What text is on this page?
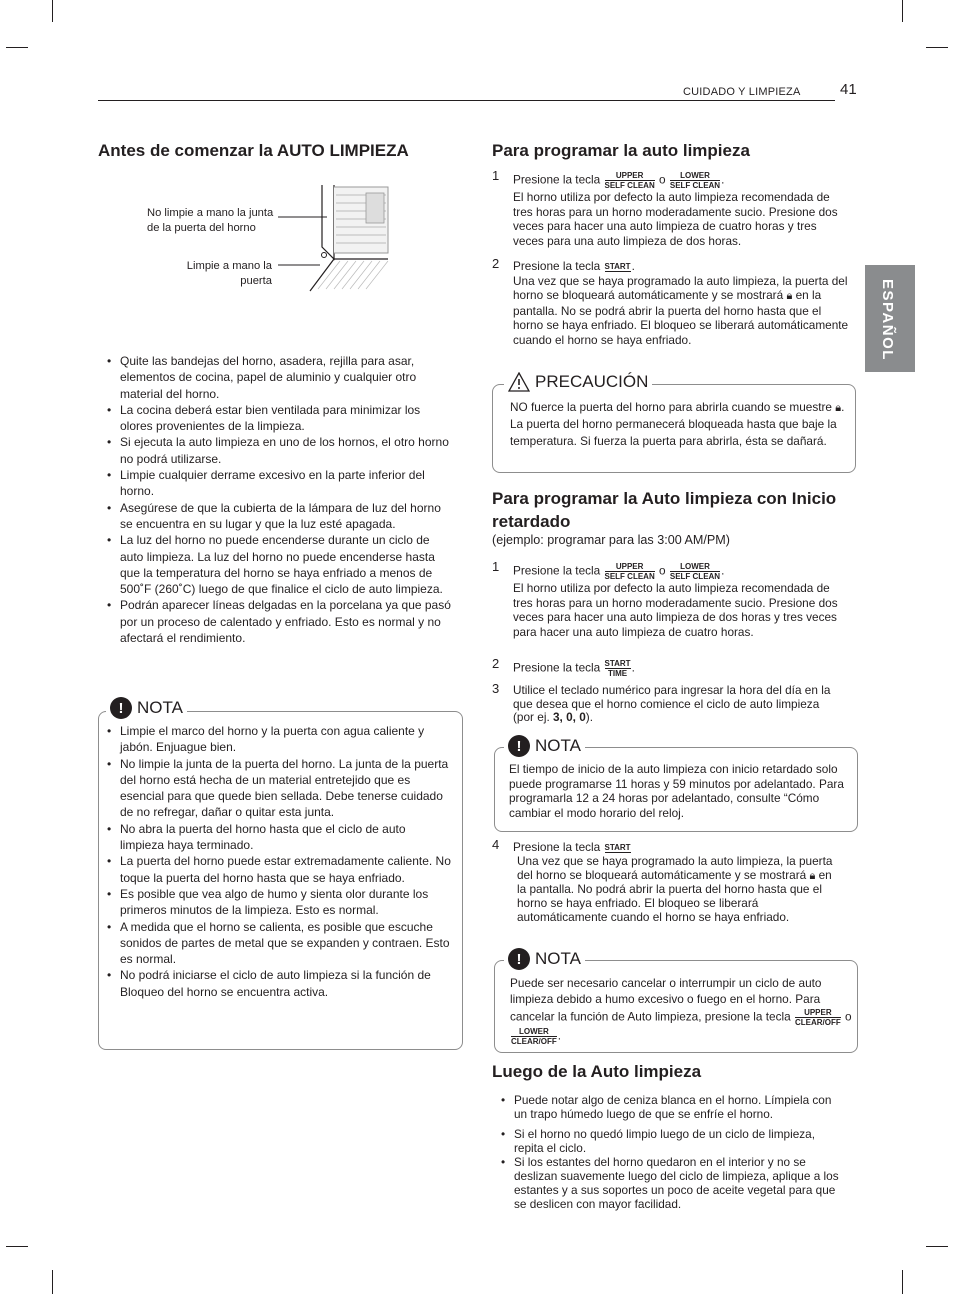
CUIDADO Y LIMPIEZA	41
ESPAÑOL
Antes de comenzar la AUTO LIMPIEZA
No limpie a mano la junta de la puerta del horno
Limpie a mano la puerta
• Quite las bandejas del horno, asadera, rejilla para asar, elementos de cocina, papel de aluminio y cualquier otro material del horno.
• La cocina deberá estar bien ventilada para minimizar los olores provenientes de la limpieza.
• Si ejecuta la auto limpieza en uno de los hornos, el otro horno no podrá utilizarse.
• Limpie cualquier derrame excesivo en la parte inferior del horno.
• Asegúrese de que la cubierta de la lámpara de luz del horno se encuentra en su lugar y que la luz esté apagada.
• La luz del horno no puede encenderse durante un ciclo de auto limpieza. La luz del horno no puede encenderse hasta que la temperatura del horno se haya enfriado a menos de 500˚F (260˚C) luego de que finalice el ciclo de auto limpieza.
• Podrán aparecer líneas delgadas en la porcelana ya que pasó por un proceso de calentado y enfriado. Esto es normal y no afectará el rendimiento.
! NOTA
• Limpie el marco del horno y la puerta con agua caliente y jabón. Enjuague bien.
• No limpie la junta de la puerta del horno. La junta de la puerta del horno está hecha de un material entretejido que es esencial para que quede bien sellada. Debe tenerse cuidado de no refregar, dañar o quitar esta junta.
• No abra la puerta del horno hasta que el ciclo de auto limpieza haya terminado.
• La puerta del horno puede estar extremadamente caliente. No toque la puerta del horno hasta que se haya enfriado.
• Es posible que vea algo de humo y sienta olor durante los primeros minutos de la limpieza. Esto es normal.
• A medida que el horno se calienta, es posible que escuche sonidos de partes de metal que se expanden y contraen. Esto es normal.
• No podrá iniciarse el ciclo de auto limpieza si la función de Bloqueo del horno se encuentra activa.
Para programar la auto limpieza
1 Presione la tecla	UPPER
SELF CLEAN o	LOWER
SELF CLEAN.
El horno utiliza por defecto la auto limpieza recomendada de tres horas para un horno moderadamente sucio. Presione dos veces para hacer una auto limpieza de cuatro horas y tres veces para una auto limpieza de dos horas.
2 Presione la tecla START .
Una vez que se haya programado la auto limpieza, la puerta del horno se bloqueará automáticamente y se mostrará 🔒︎ en la pantalla. No se podrá abrir la puerta del horno hasta que el horno se haya enfriado. El bloqueo se liberará automáticamente cuando el horno se haya enfriado.
PRECAUCIÓN
NO fuerce la puerta del horno para abrirla cuando se muestre 🔒︎. La puerta del horno permanecerá bloqueada hasta que baje la temperatura. Si fuerza la puerta para abrirla, ésta se dañará.
Para programar la Auto limpieza con Inicio retardado
(ejemplo: programar para las 3:00 AM/PM)
1 Presione la tecla	UPPER
SELF CLEAN o	LOWER
SELF CLEAN.
El horno utiliza por defecto la auto limpieza recomendada de tres horas para un horno moderadamente sucio. Presione dos veces para hacer una auto limpieza de dos horas y tres veces para hacer una auto limpieza de cuatro horas.
2 Presione la tecla START
TIME .
3 Utilice el teclado numérico para ingresar la hora del día en la que desea que el horno comience el ciclo de auto limpieza (por ej. 3, 0, 0).
! NOTA
El tiempo de inicio de la auto limpieza con inicio retardado solo puede programarse 11 horas y 59 minutos por adelantado. Para programarla 12 a 24 horas por adelantado, consulte “Cómo cambiar el modo horario del reloj.
4 Presione la tecla START
Una vez que se haya programado la auto limpieza, la puerta del horno se bloqueará automáticamente y se mostrará 🔒︎ en la pantalla. No podrá abrir la puerta del horno hasta que el horno se haya enfriado. El bloqueo se liberará automáticamente cuando el horno se haya enfriado.
! NOTA
Puede ser necesario cancelar o interrumpir un ciclo de auto limpieza debido a humo excesivo o fuego en el horno. Para cancelar la función de Auto limpieza, presione la tecla	UPPER
CLEAR/OFF o
LOWER
CLEAR/OFF.
Luego de la Auto limpieza
• Puede notar algo de ceniza blanca en el horno. Límpiela con un trapo húmedo luego de que se enfríe el horno.
• Si el horno no quedó limpio luego de un ciclo de limpieza, repita el ciclo.
• Si los estantes del horno quedaron en el interior y no se deslizan suavemente luego del ciclo de limpieza, aplique a los estantes y a sus soportes un poco de aceite vegetal para que se deslicen con mayor facilidad.
